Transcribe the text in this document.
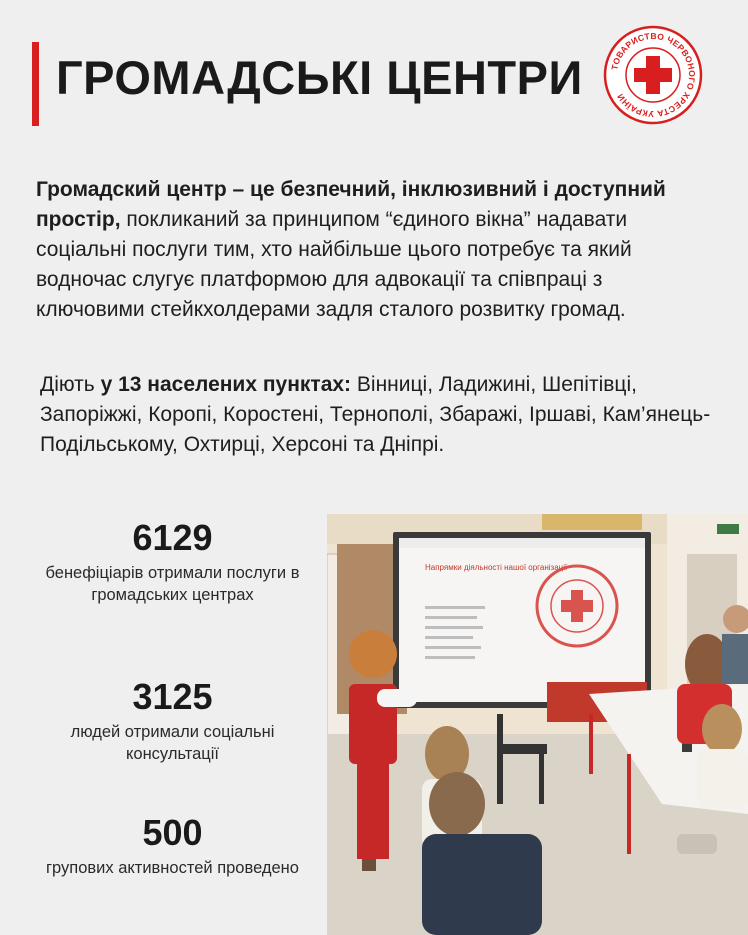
ГРОМАДСЬКІ ЦЕНТРИ	ТОВАРИСТВО ЧЕРВОНОГО ХРЕСТА УКРАЇНИ

Громадский центр – це безпечний, інклюзивний і доступний простір, покликаний за принципом “єдиного вікна” надавати соціальні послуги тим, хто найбільше цього потребує та який водночас слугує платформою для адвокації та співпраці з ключовими стейкхолдерами задля сталого розвитку громад.

Діють у 13 населених пунктах: Вінниці, Ладижині, Шепітівці, Запоріжжі, Коропі, Коростені, Тернополі, Збаражі, Іршаві, Кам’янець-Подільському, Охтирці, Херсоні та Дніпрі.

6129
бенефіціарів отримали послуги в громадських центрах
3125
людей отримали соціальні консультації
500
групових активностей проведено
Напрямки діяльності нашої організації
